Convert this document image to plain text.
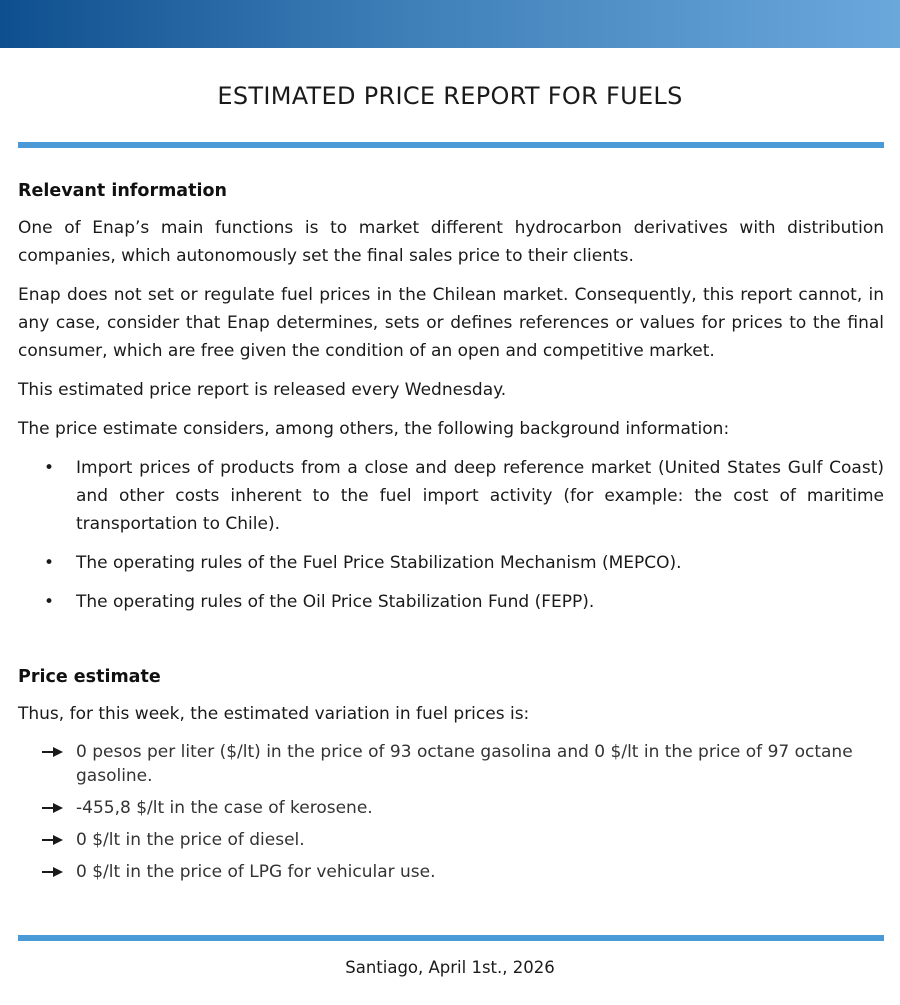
ESTIMATED PRICE REPORT FOR FUELS
Relevant information

One of Enap’s main functions is to market different hydrocarbon derivatives with distribution companies, which autonomously set the final sales price to their clients.

Enap does not set or regulate fuel prices in the Chilean market. Consequently, this report cannot, in any case, consider that Enap determines, sets or defines references or values for prices to the final consumer, which are free given the condition of an open and competitive market.

This estimated price report is released every Wednesday.

The price estimate considers, among others, the following background information:

• Import prices of products from a close and deep reference market (United States Gulf Coast) and other costs inherent to the fuel import activity (for example: the cost of maritime transportation to Chile).
• The operating rules of the Fuel Price Stabilization Mechanism (MEPCO).
• The operating rules of the Oil Price Stabilization Fund (FEPP).
Price estimate

Thus, for this week, the estimated variation in fuel prices is:

0 pesos per liter ($/lt) in the price of 93 octane gasolina and 0 $/lt in the price of 97 octane gasoline.
-455,8 $/lt in the case of kerosene.
0 $/lt in the price of diesel.
0 $/lt in the price of LPG for vehicular use.
Santiago, April 1st., 2026
